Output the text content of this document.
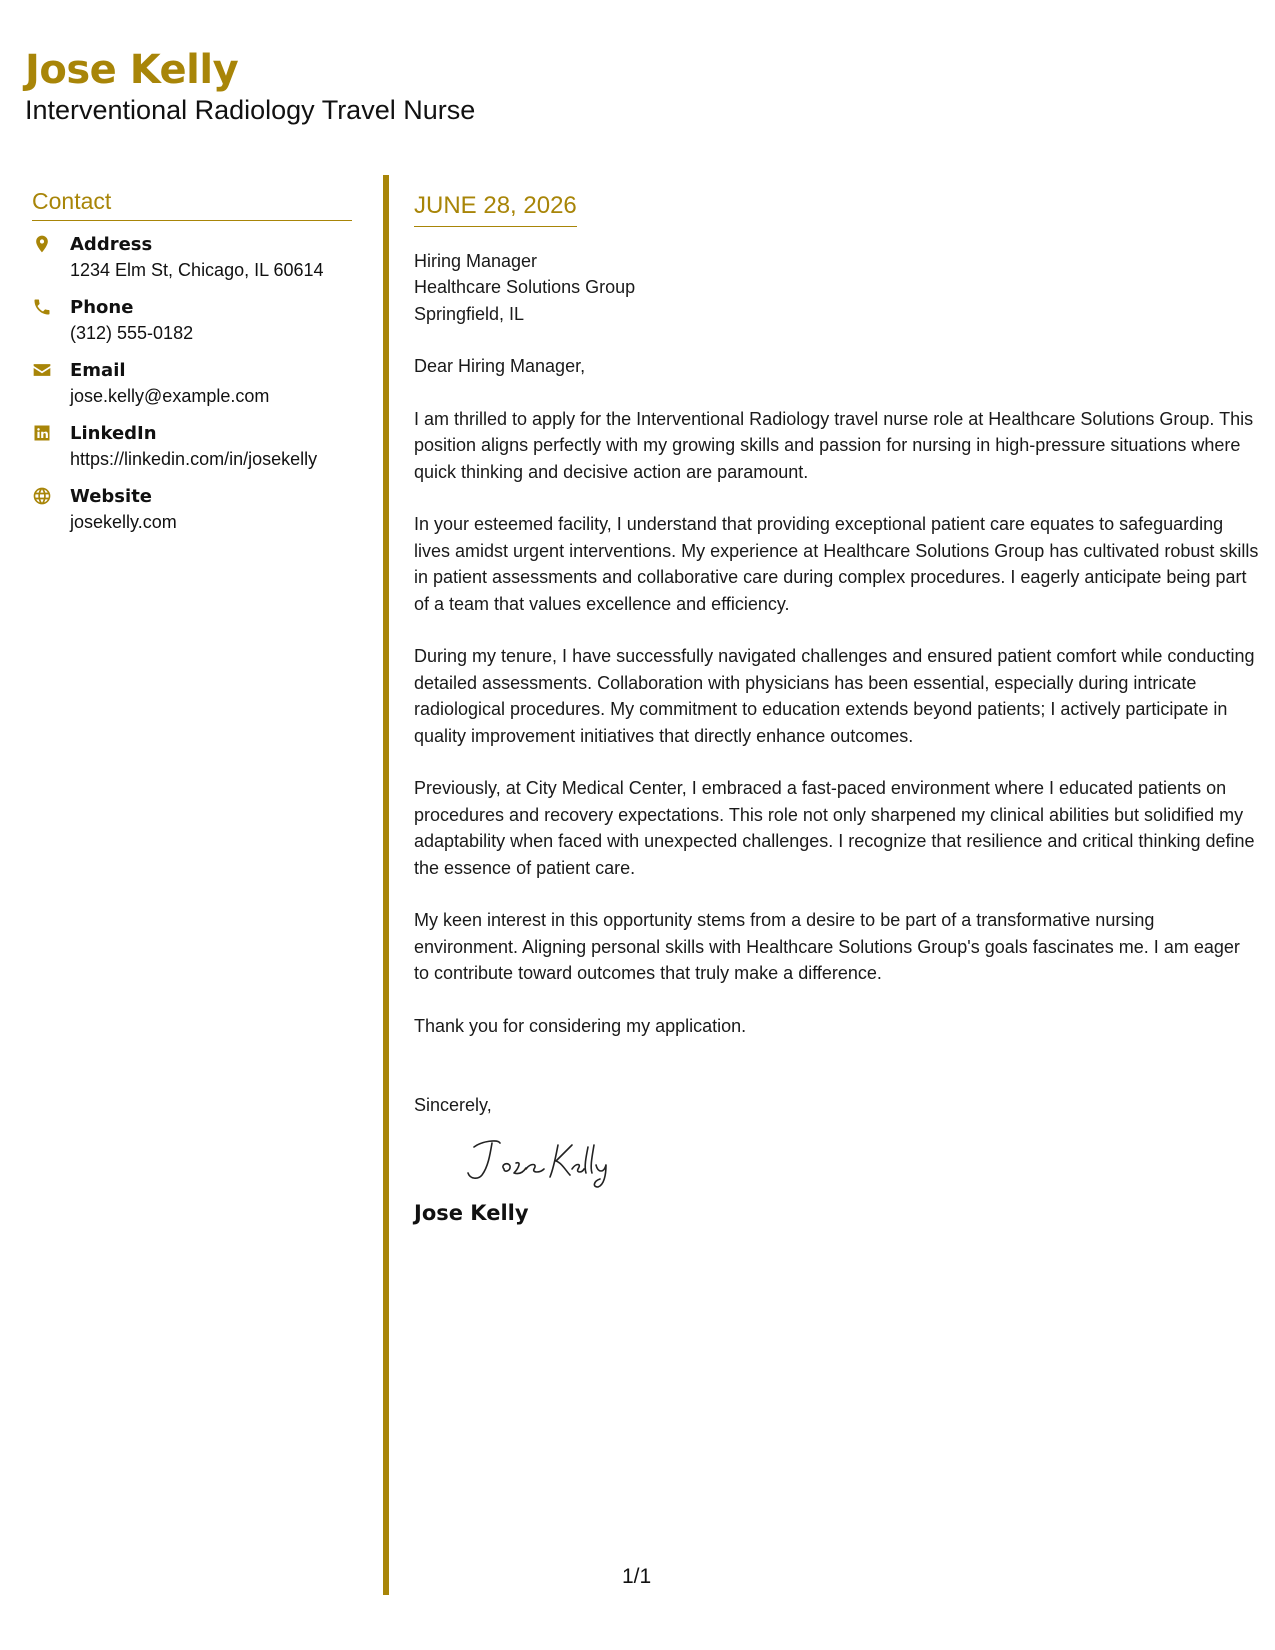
Jose Kelly
Interventional Radiology Travel Nurse
Contact
Address
1234 Elm St, Chicago, IL 60614
Phone
(312) 555-0182
Email
jose.kelly@example.com
LinkedIn
https://linkedin.com/in/josekelly
Website
josekelly.com
JUNE 28, 2026
Hiring Manager
Healthcare Solutions Group
Springfield, IL
Dear Hiring Manager,
I am thrilled to apply for the Interventional Radiology travel nurse role at Healthcare Solutions Group. This position aligns perfectly with my growing skills and passion for nursing in high-pressure situations where quick thinking and decisive action are paramount.
In your esteemed facility, I understand that providing exceptional patient care equates to safeguarding lives amidst urgent interventions. My experience at Healthcare Solutions Group has cultivated robust skills in patient assessments and collaborative care during complex procedures. I eagerly anticipate being part of a team that values excellence and efficiency.
During my tenure, I have successfully navigated challenges and ensured patient comfort while conducting detailed assessments. Collaboration with physicians has been essential, especially during intricate radiological procedures. My commitment to education extends beyond patients; I actively participate in quality improvement initiatives that directly enhance outcomes.
Previously, at City Medical Center, I embraced a fast-paced environment where I educated patients on procedures and recovery expectations. This role not only sharpened my clinical abilities but solidified my adaptability when faced with unexpected challenges. I recognize that resilience and critical thinking define the essence of patient care.
My keen interest in this opportunity stems from a desire to be part of a transformative nursing environment. Aligning personal skills with Healthcare Solutions Group's goals fascinates me. I am eager to contribute toward outcomes that truly make a difference.
Thank you for considering my application.
Sincerely,
Jose Kelly
1/1
